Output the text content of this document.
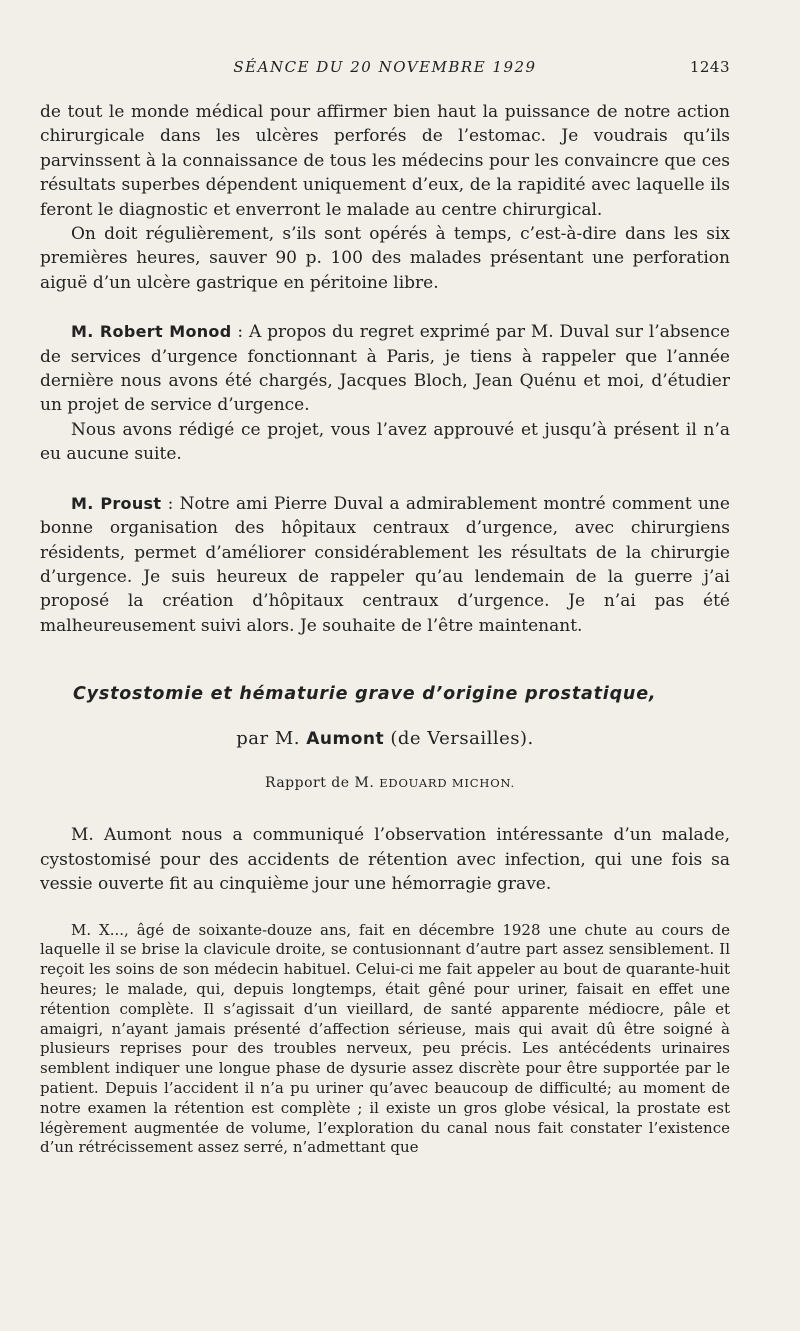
SÉANCE DU 20 NOVEMBRE 1929	1243

de tout le monde médical pour affirmer bien haut la puissance de notre action chirurgicale dans les ulcères perforés de l’estomac. Je voudrais qu’ils parvinssent à la connaissance de tous les médecins pour les convaincre que ces résultats superbes dépendent uniquement d’eux, de la rapidité avec laquelle ils feront le diagnostic et enverront le malade au centre chirurgical.

On doit régulièrement, s’ils sont opérés à temps, c’est-à-dire dans les six premières heures, sauver 90 p. 100 des malades présentant une perforation aiguë d’un ulcère gastrique en péritoine libre.

M. Robert Monod : A propos du regret exprimé par M. Duval sur l’absence de services d’urgence fonctionnant à Paris, je tiens à rappeler que l’année dernière nous avons été chargés, Jacques Bloch, Jean Quénu et moi, d’étudier un projet de service d’urgence.

Nous avons rédigé ce projet, vous l’avez approuvé et jusqu’à présent il n’a eu aucune suite.

M. Proust : Notre ami Pierre Duval a admirablement montré comment une bonne organisation des hôpitaux centraux d’urgence, avec chirurgiens résidents, permet d’améliorer considérablement les résultats de la chirurgie d’urgence. Je suis heureux de rappeler qu’au lendemain de la guerre j’ai proposé la création d’hôpitaux centraux d’urgence. Je n’ai pas été malheureusement suivi alors. Je souhaite de l’être maintenant.

Cystostomie et hématurie grave d’origine prostatique,
par M. Aumont (de Versailles).
Rapport de M. EDOUARD MICHON.

M. Aumont nous a communiqué l’observation intéressante d’un malade, cystostomisé pour des accidents de rétention avec infection, qui une fois sa vessie ouverte fit au cinquième jour une hémorragie grave.

M. X..., âgé de soixante-douze ans, fait en décembre 1928 une chute au cours de laquelle il se brise la clavicule droite, se contusionnant d’autre part assez sensiblement. Il reçoit les soins de son médecin habituel. Celui-ci me fait appeler au bout de quarante-huit heures; le malade, qui, depuis longtemps, était gêné pour uriner, faisait en effet une rétention complète. Il s’agissait d’un vieillard, de santé apparente médiocre, pâle et amaigri, n’ayant jamais présenté d’affection sérieuse, mais qui avait dû être soigné à plusieurs reprises pour des troubles nerveux, peu précis. Les antécédents urinaires semblent indiquer une longue phase de dysurie assez discrète pour être supportée par le patient. Depuis l’accident il n’a pu uriner qu’avec beaucoup de difficulté; au moment de notre examen la rétention est complète ; il existe un gros globe vésical, la prostate est légèrement augmentée de volume, l’exploration du canal nous fait constater l’existence d’un rétrécissement assez serré, n’admettant que
